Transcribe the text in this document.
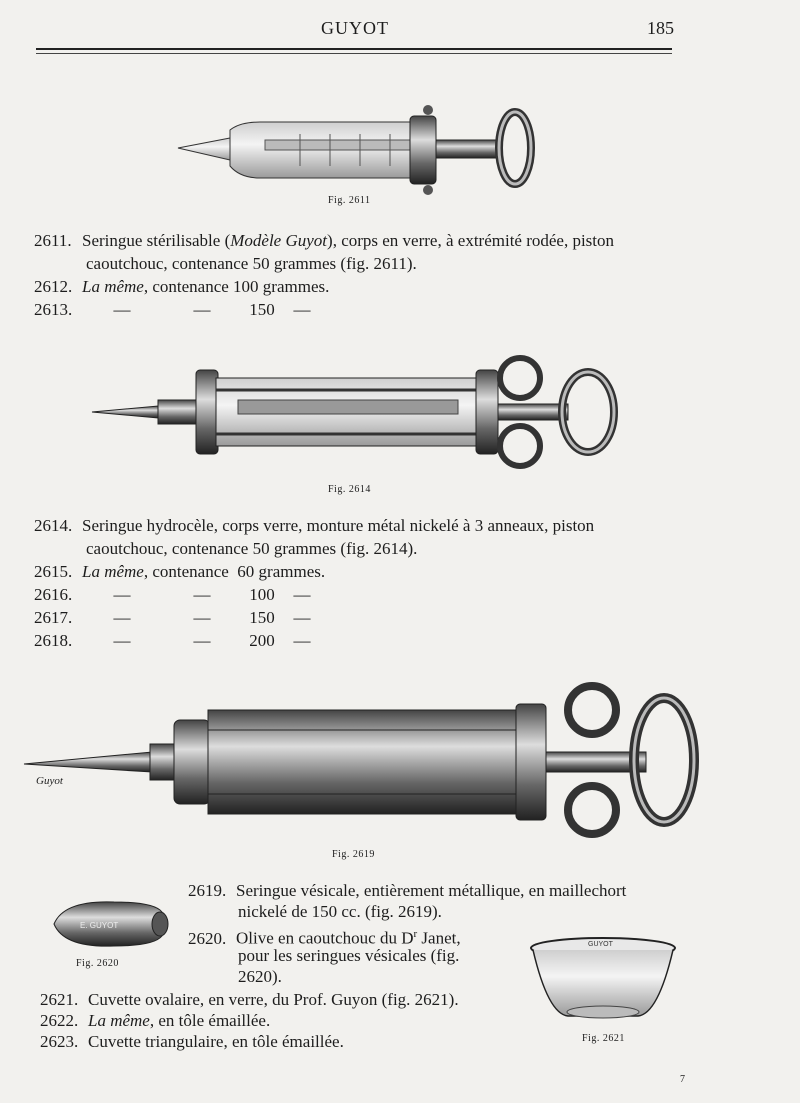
GUYOT	185
Fig. 2611
2611. Seringue stérilisable (Modèle Guyot), corps en verre, à extrémité rodée, piston
caoutchouc, contenance 50 grammes (fig. 2611).
2612. La même, contenance 100 grammes.
2613. —	— 150 —
Fig. 2614
2614. Seringue hydrocèle, corps verre, monture métal nickelé à 3 anneaux, piston
caoutchouc, contenance 50 grammes (fig. 2614).
2615. La même, contenance  60 grammes.
2616. —	— 100 —
2617. —	— 150 —
2618. —	— 200 —
Guyot
Fig. 2619
E. GUYOT
Fig. 2620
2619. Seringue vésicale, entièrement métallique, en maillechort
nickelé de 150 cc. (fig. 2619).
2620. Olive en caoutchouc du $D^r$ Janet,
pour les seringues vésicales (fig.
2620).
GUYOT
Fig. 2621
2621. Cuvette ovalaire, en verre, du Prof. Guyon (fig. 2621).
2622. La même, en tôle émaillée.
2623. Cuvette triangulaire, en tôle émaillée.
7
